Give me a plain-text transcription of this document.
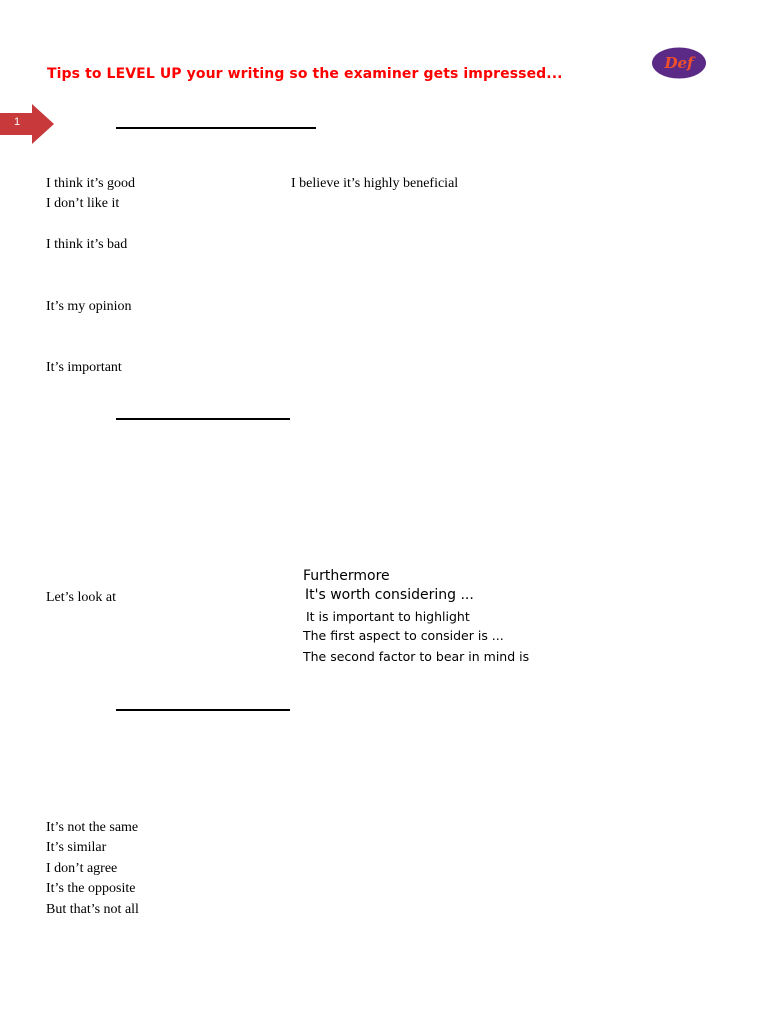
Tips to LEVEL UP your writing so the examiner gets impressed...
Def
1
I think it’s good	I believe it’s highly beneficial
I don’t like it
I think it’s bad
It’s my opinion
It’s important
Let’s look at
Furthermore
It's worth considering ...
It is important to highlight
The first aspect to consider is ...
The second factor to bear in mind is
It’s not the same
It’s similar
I don’t agree
It’s the opposite
But that’s not all
